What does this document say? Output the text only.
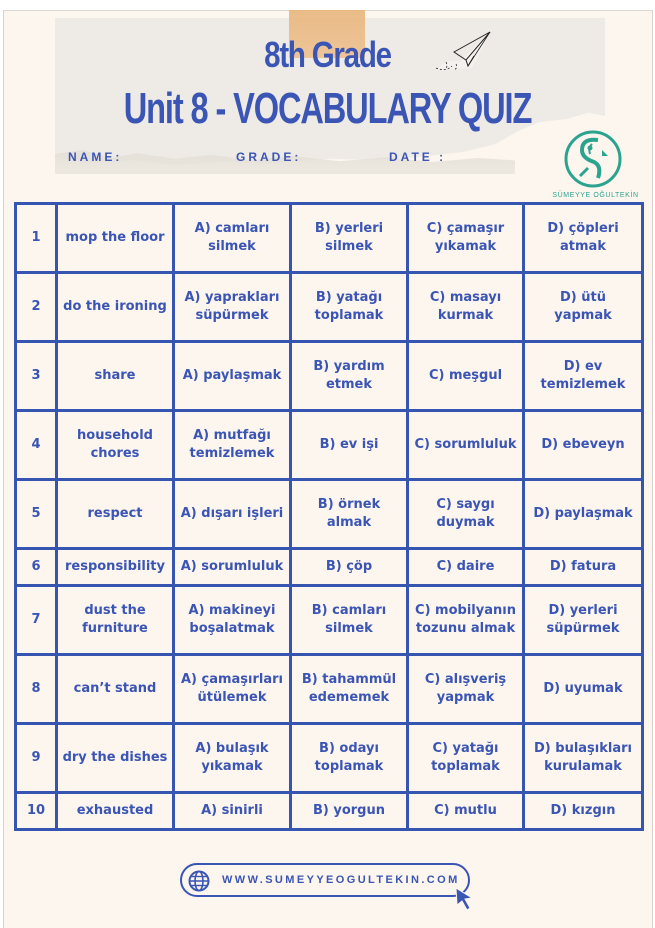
8th Grade
Unit 8 - VOCABULARY QUIZ
NAME:	GRADE:	DATE :
SÜMEYYE OĞULTEKİN
1	mop the floor	A) camları silmek	B) yerleri silmek	C) çamaşır yıkamak	D) çöpleri atmak
2	do the ironing	A) yaprakları süpürmek	B) yatağı toplamak	C) masayı kurmak	D) ütü yapmak
3	share	A) paylaşmak	B) yardım etmek	C) meşgul	D) ev temizlemek
4	household chores	A) mutfağı temizlemek	B) ev işi	C) sorumluluk	D) ebeveyn
5	respect	A) dışarı işleri	B) örnek almak	C) saygı duymak	D) paylaşmak
6	responsibility	A) sorumluluk	B) çöp	C) daire	D) fatura
7	dust the furniture	A) makineyi boşalatmak	B) camları silmek	C) mobilyanın tozunu almak	D) yerleri süpürmek
8	can’t stand	A) çamaşırları ütülemek	B) tahammül edememek	C) alışveriş yapmak	D) uyumak
9	dry the dishes	A) bulaşık yıkamak	B) odayı toplamak	C) yatağı toplamak	D) bulaşıkları kurulamak
10	exhausted	A) sinirli	B) yorgun	C) mutlu	D) kızgın
WWW.SUMEYYEOGULTEKIN.COM
